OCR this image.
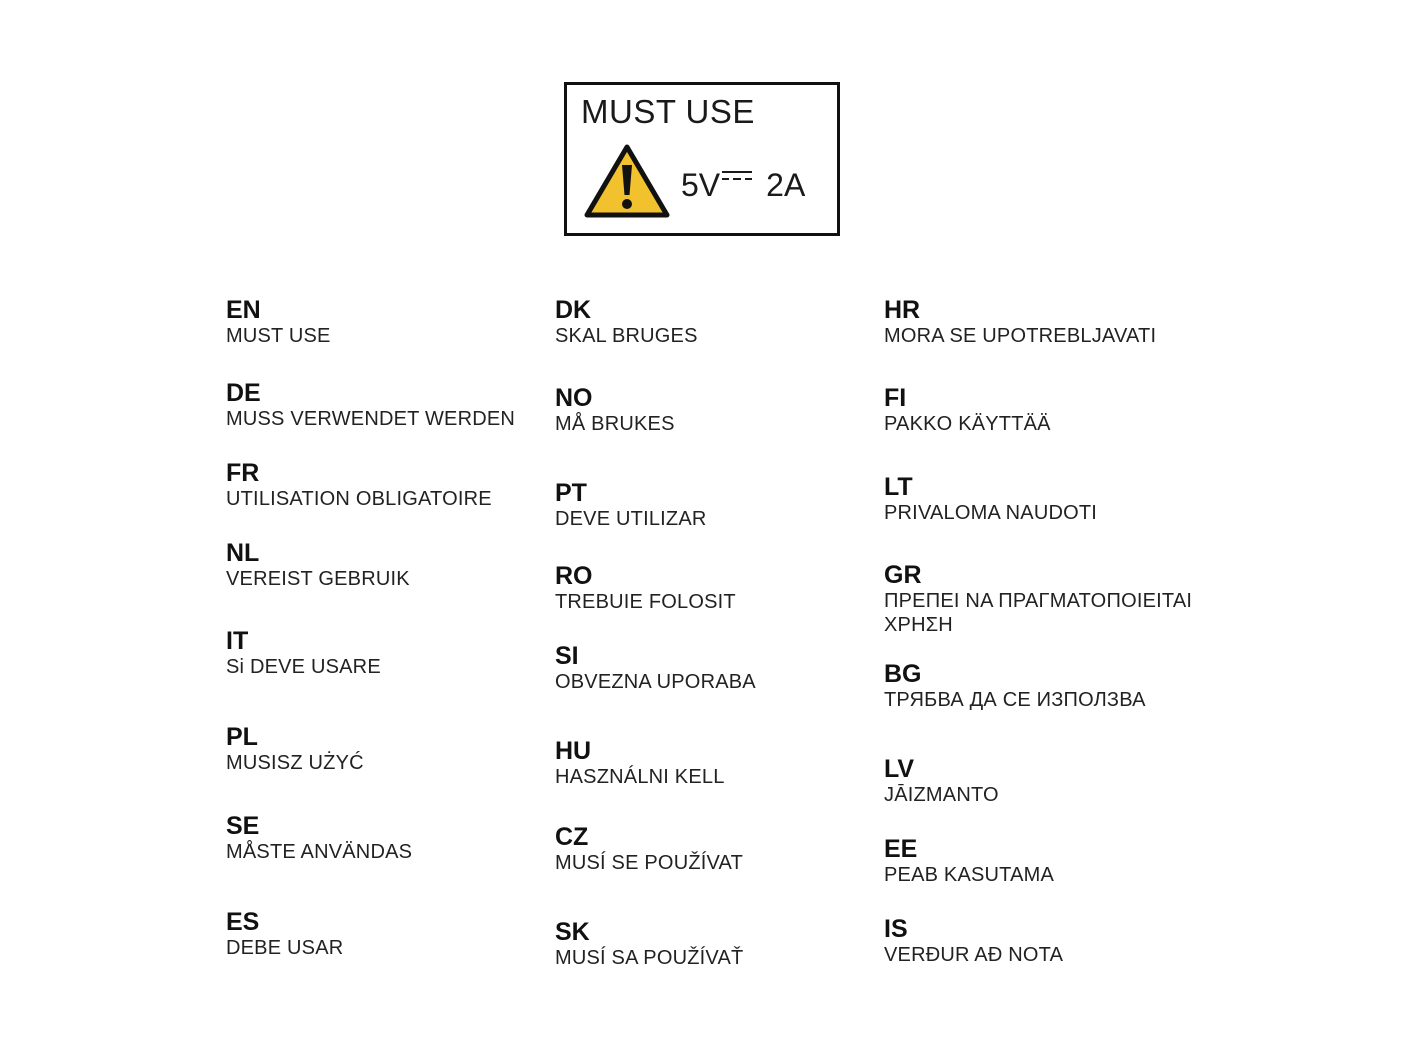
MUST USE
5V 2A
EN
MUST USE
DE
MUSS VERWENDET WERDEN
FR
UTILISATION OBLIGATOIRE
NL
VEREIST GEBRUIK
IT
Si DEVE USARE
PL
MUSISZ UŻYĆ
SE
MÅSTE ANVÄNDAS
ES
DEBE USAR
DK
SKAL BRUGES
NO
MÅ BRUKES
PT
DEVE UTILIZAR
RO
TREBUIE FOLOSIT
SI
OBVEZNA UPORABA
HU
HASZNÁLNI KELL
CZ
MUSÍ SE POUŽÍVAT
SK
MUSÍ SA POUŽÍVAŤ
HR
MORA SE UPOTREBLJAVATI
FI
PAKKO KÄYTTÄÄ
LT
PRIVALOMA NAUDOTI
GR
ΠΡΕΠΕΙ ΝΑ ΠΡΑΓΜΑΤΟΠΟΙΕΙΤΑΙ ΧΡΗΣΗ
BG
ТРЯБВА ДА СЕ ИЗПОЛЗВА
LV
JĀIZMANTO
EE
PEAB KASUTAMA
IS
VERÐUR AÐ NOTA
